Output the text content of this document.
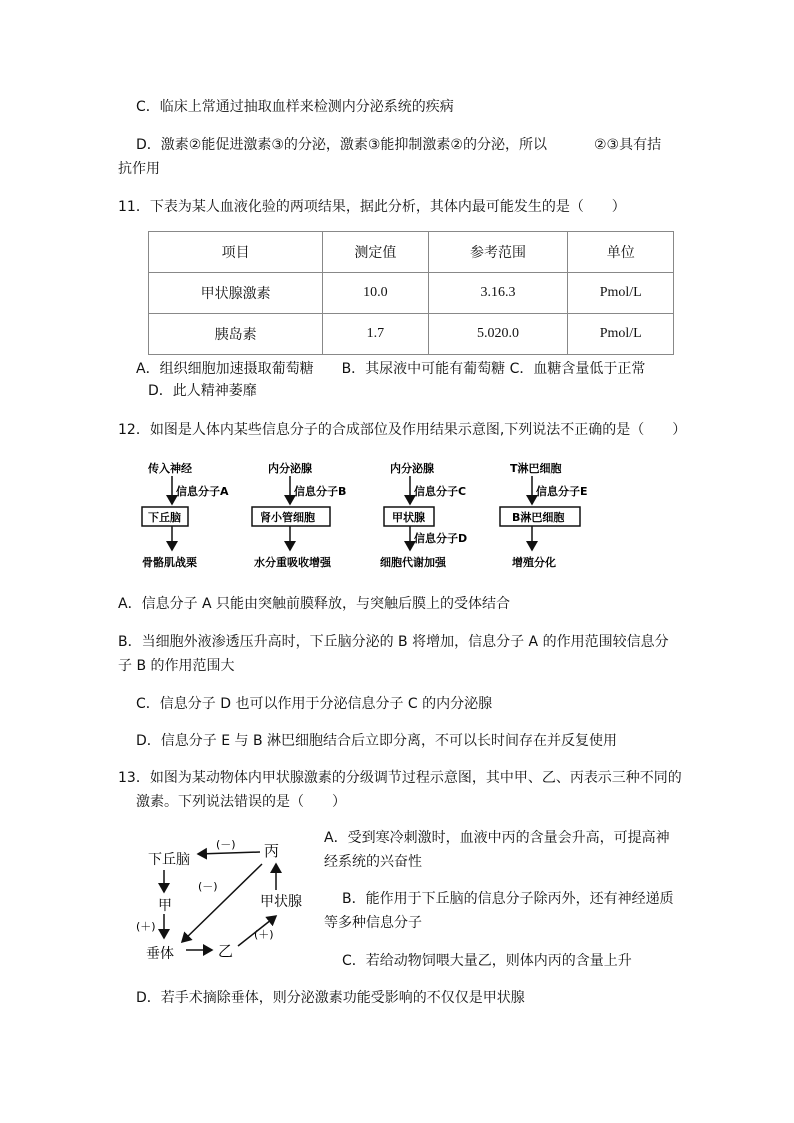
C．临床上常通过抽取血样来检测内分泌系统的疾病
D．激素②能促进激素③的分泌，激素③能抑制激素②的分泌，所以	②③具有拮
抗作用
11．下表为某人血液化验的两项结果，据此分析，其体内最可能发生的是（　　）
项目	测定值	参考范围	单位
甲状腺激素	10.0	3.16.3	Pmol/L
胰岛素	1.7	5.020.0	Pmol/L
A．组织细胞加速摄取葡萄糖　　B．其尿液中可能有葡萄糖 C．血糖含量低于正常
D．此人精神萎靡
12．如图是人体内某些信息分子的合成部位及作用结果示意图,下列说法不正确的是（　　）
传入神经
信息分子A
下丘脑
骨骼肌战栗
内分泌腺
信息分子B
肾小管细胞
水分重吸收增强
内分泌腺
信息分子C
甲状腺
信息分子D
细胞代谢加强
T淋巴细胞
信息分子E
B淋巴细胞
增殖分化
A．信息分子 A 只能由突触前膜释放，与突触后膜上的受体结合
B．当细胞外液渗透压升高时，下丘脑分泌的 B 将增加，信息分子 A 的作用范围较信息分
子 B 的作用范围大
C．信息分子 D 也可以作用于分泌信息分子 C 的内分泌腺
D．信息分子 E 与 B 淋巴细胞结合后立即分离，不可以长时间存在并反复使用
13．如图为某动物体内甲状腺激素的分级调节过程示意图，其中甲、乙、丙表示三种不同的
激素。下列说法错误的是（　　）
下丘脑	丙
(－)
甲
(＋)
垂体
(－)
乙
(＋)
甲状腺
A．受到寒冷刺激时，血液中丙的含量会升高，可提高神
经系统的兴奋性
B．能作用于下丘脑的信息分子除丙外，还有神经递质
等多种信息分子
C．若给动物饲喂大量乙，则体内丙的含量上升
D．若手术摘除垂体，则分泌激素功能受影响的不仅仅是甲状腺
